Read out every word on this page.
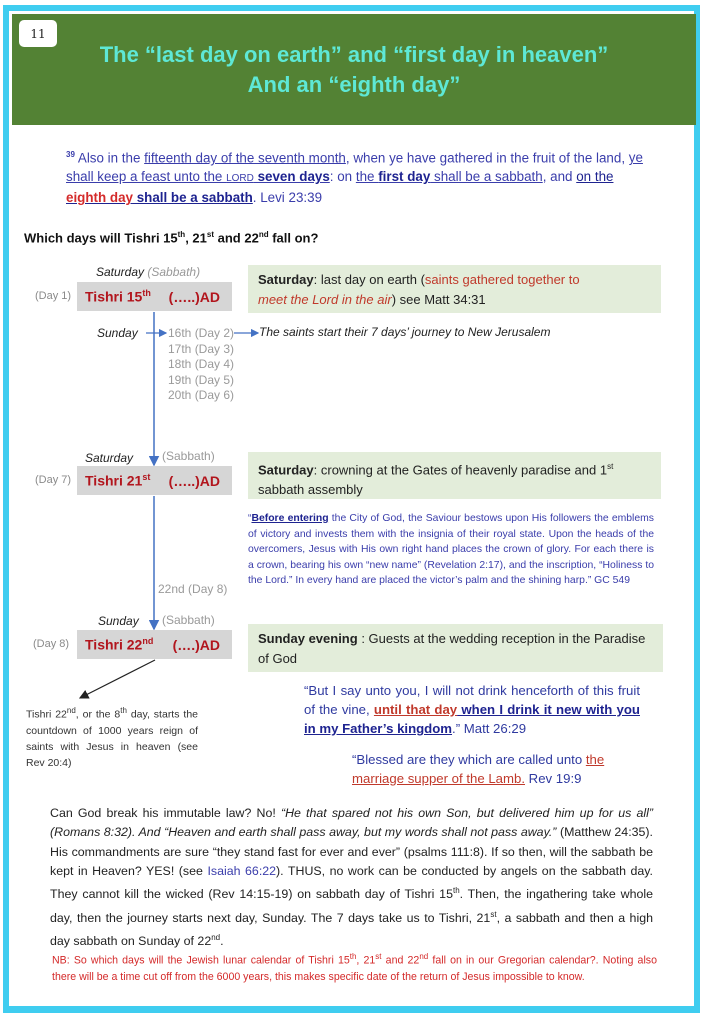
11
The “last day on earth” and “first day in heaven”
And an “eighth day”
$^{39}$ Also in the fifteenth day of the seventh month, when ye have gathered in the fruit of the land, ye shall keep a feast unto the LORD seven days: on the first day shall be a sabbath, and on the eighth day shall be a sabbath. Levi 23:39
Which days will Tishri 15th, 21st and 22nd fall on?
Saturday (Sabbath)
(Day 1) Tishri 15th (…..)AD
Sunday	16th (Day 2)
17th (Day 3)
18th (Day 4)
19th (Day 5)
20th (Day 6)
Saturday (Sabbath)
(Day 7) Tishri 21st (…..)AD
22nd (Day 8)
Sunday (Sabbath)
(Day 8) Tishri 22nd (….)AD
Saturday: last day on earth (saints gathered together to
meet the Lord in the air) see Matt 34:31
The saints start their 7 days’ journey to New Jerusalem
Saturday: crowning at the Gates of heavenly paradise and 1st sabbath assembly
“Before entering the City of God, the Saviour bestows upon His followers the emblems of victory and invests them with the insignia of their royal state. Upon the heads of the overcomers, Jesus with His own right hand places the crown of glory. For each there is a crown, bearing his own “new name” (Revelation 2:17), and the inscription, “Holiness to the Lord.” In every hand are placed the victor’s palm and the shining harp.” GC 549
Sunday evening : Guests at the wedding reception in the Paradise of God
“But I say unto you, I will not drink henceforth of this fruit of the vine, until that day when I drink it new with you in my Father’s kingdom.” Matt 26:29
“Blessed are they which are called unto the marriage supper of the Lamb. Rev 19:9
Tishri 22nd, or the 8th day, starts the countdown of 1000 years reign of saints with Jesus in heaven (see Rev 20:4)
Can God break his immutable law? No! “He that spared not his own Son, but delivered him up for us all” (Romans 8:32). And “Heaven and earth shall pass away, but my words shall not pass away.” (Matthew 24:35). His commandments are sure “they stand fast for ever and ever” (psalms 111:8). If so then, will the sabbath be kept in Heaven? YES! (see Isaiah 66:22). THUS, no work can be conducted by angels on the sabbath day. They cannot kill the wicked (Rev 14:15-19) on sabbath day of Tishri 15th. Then, the ingathering take whole day, then the journey starts next day, Sunday. The 7 days take us to Tishri, 21st, a sabbath and then a high day sabbath on Sunday of 22nd.
NB: So which days will the Jewish lunar calendar of Tishri 15th, 21st and 22nd fall on in our Gregorian calendar?. Noting also there will be a time cut off from the 6000 years, this makes specific date of the return of Jesus impossible to know.
